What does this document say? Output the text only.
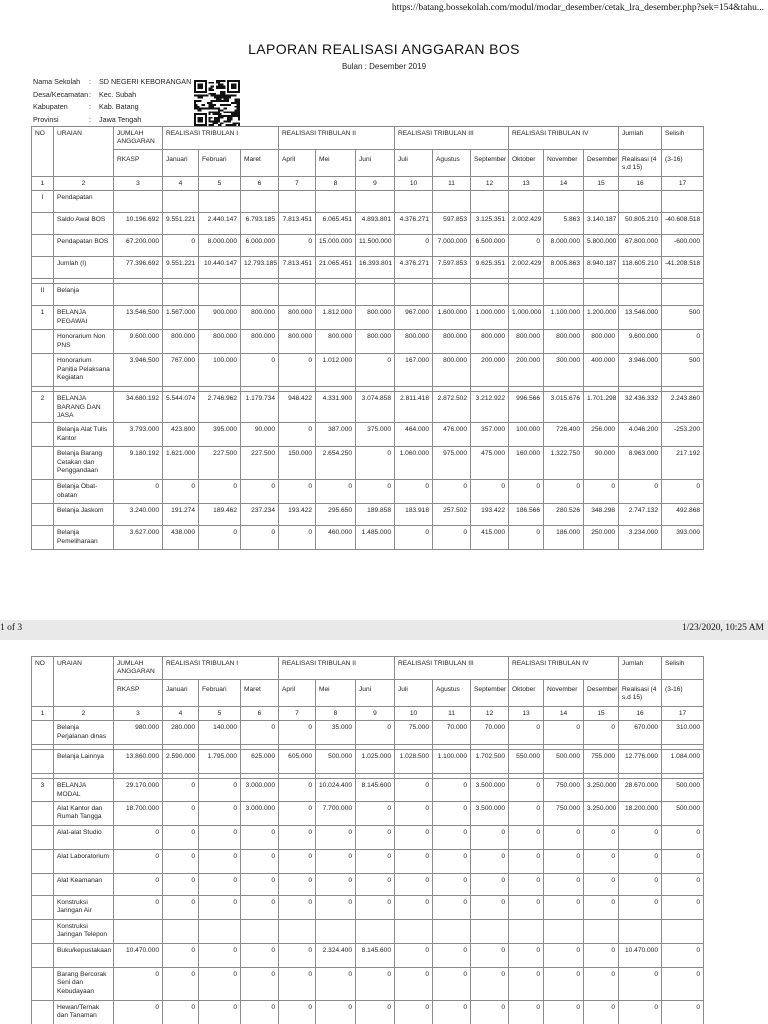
https://batang.bossekolah.com/modul/modar_desember/cetak_lra_desember.php?sek=154&tahu...
LAPORAN REALISASI ANGGARAN BOS
Bulan : Desember 2019
Nama Sekolah	:	SD NEGERI KEBORANGAN
Desa/Kecamatan :	Kec. Subah
Kabupaten	:	Kab. Batang
Provinsi	:	Jawa Tengah
NO	URAIAN	JUMLAH ANGGARAN	REALISASI TRIBULAN I			REALISASI TRIBULAN II			REALISASI TRIBULAN III			REALISASI TRIBULAN IV			Jumlah	Selisih
		RKASP	Januari	Februari	Maret	April	Mei	Juni	Juli	Agustus	September	Oktober	November	Desember	Realisasi (4 s.d 15)	(3-16)
1	2	3	4	5	6	7	8	9	10	11	12	13	14	15	16	17
I	Pendapatan															
	Saldo Awal BOS	10.196.692	9.551.221	2.440.147	6.793.185	7.813.451	6.065.451	4.893.801	4.376.271	597.853	3.125.351	2.002.429	5.863	3.140.187	50.805.210	-40.608.518
	Pendapatan BOS	67.200.000	0	8.000.000	6.000.000	0	15.000.000	11.500.000	0	7.000.000	6.500.000	0	8.000.000	5.800.000	67.800.000	-600.000
	Jumlah (I)	77.396.692	9.551.221	10.440.147	12.793.185	7.813.451	21.065.451	16.393.801	4.376.271	7.597.853	9.625.351	2.002.429	8.005.863	8.940.187	118.605.210	-41.208.518

II	Belanja															
1	BELANJA PEGAWAI	13.546.500	1.567.000	900.000	800.000	800.000	1.812.000	800.000	967.000	1.600.000	1.000.000	1.000.000	1.100.000	1.200.000	13.546.000	500
	Honorarium Non PNS	9.600.000	800.000	800.000	800.000	800.000	800.000	800.000	800.000	800.000	800.000	800.000	800.000	800.000	9.600.000	0
	Honorarium Panitia Pelaksana Kegiatan	3.946.500	767.000	100.000	0	0	1.012.000	0	167.000	800.000	200.000	200.000	300.000	400.000	3.946.000	500

2	BELANJA BARANG DAN JASA	34.680.192	5.544.074	2.746.962	1.179.734	948.422	4.331.900	3.074.858	2.811.418	2.872.502	3.212.922	996.566	3.015.676	1.701.298	32.436.332	2.243.860
	Belanja Alat Tulis Kantor	3.793.000	423.800	395.000	90.000	0	387.000	375.000	464.000	476.000	357.000	100.000	726.400	256.000	4.046.200	-253.200
	Belanja Barang Cetakan dan Penggandaan	9.180.192	1.621.000	227.500	227.500	150.000	2.654.250	0	1.060.000	975.000	475.000	160.000	1.322.750	90.000	8.963.000	217.192
	Belanja Obat-obatan	0	0	0	0	0	0	0	0	0	0	0	0	0	0	0
	Belanja Jaskom	3.240.000	191.274	189.462	237.234	193.422	295.650	189.858	183.918	257.502	193.422	186.566	280.526	348.298	2.747.132	492.868
	Belanja Pemeliharaan	3.627.000	438.000	0	0	0	460.000	1.485.000	0	0	415.000	0	186.000	250.000	3.234.000	393.000
1 of 3	1/23/2020, 10:25 AM
NO	URAIAN	JUMLAH ANGGARAN	REALISASI TRIBULAN I			REALISASI TRIBULAN II			REALISASI TRIBULAN III			REALISASI TRIBULAN IV			Jumlah	Selisih
		RKASP	Januari	Februari	Maret	April	Mei	Juni	Juli	Agustus	September	Oktober	November	Desember	Realisasi (4 s.d 15)	(3-16)
1	2	3	4	5	6	7	8	9	10	11	12	13	14	15	16	17
	Belanja Perjalanan dinas	980.000	280.000	140.000	0	0	35.000	0	75.000	70.000	70.000	0	0	0	670.000	310.000

	Belanja Lainnya	13.860.000	2.590.000	1.795.000	625.000	605.000	500.000	1.025.000	1.028.500	1.100.000	1.702.500	550.000	500.000	755.000	12.776.000	1.084.000

3	BELANJA MODAL	29.170.000	0	0	3.000.000	0	10.024.400	8.145.600	0	0	3.500.000	0	750.000	3.250.000	28.670.000	500.000
	Alat Kantor dan Rumah Tangga	18.700.000	0	0	3.000.000	0	7.700.000	0	0	0	3.500.000	0	750.000	3.250.000	18.200.000	500.000
	Alat-alat Studio	0	0	0	0	0	0	0	0	0	0	0	0	0	0	0
	Alat Laboratorium	0	0	0	0	0	0	0	0	0	0	0	0	0	0	0
	Alat Keamanan	0	0	0	0	0	0	0	0	0	0	0	0	0	0	0
	Konstruksi Jaringan Air	0	0	0	0	0	0	0	0	0	0	0	0	0	0	0
	Konstruksi Jaringan Telepon															
	Buku/kepustakaan	10.470.000	0	0	0	0	2.324.400	8.145.600	0	0	0	0	0	0	10.470.000	0
	Barang Bercorak Seni dan Kebudayaan	0	0	0	0	0	0	0	0	0	0	0	0	0	0	0
	Hewan/Ternak dan Tanaman	0	0	0	0	0	0	0	0	0	0	0	0	0	0	0
